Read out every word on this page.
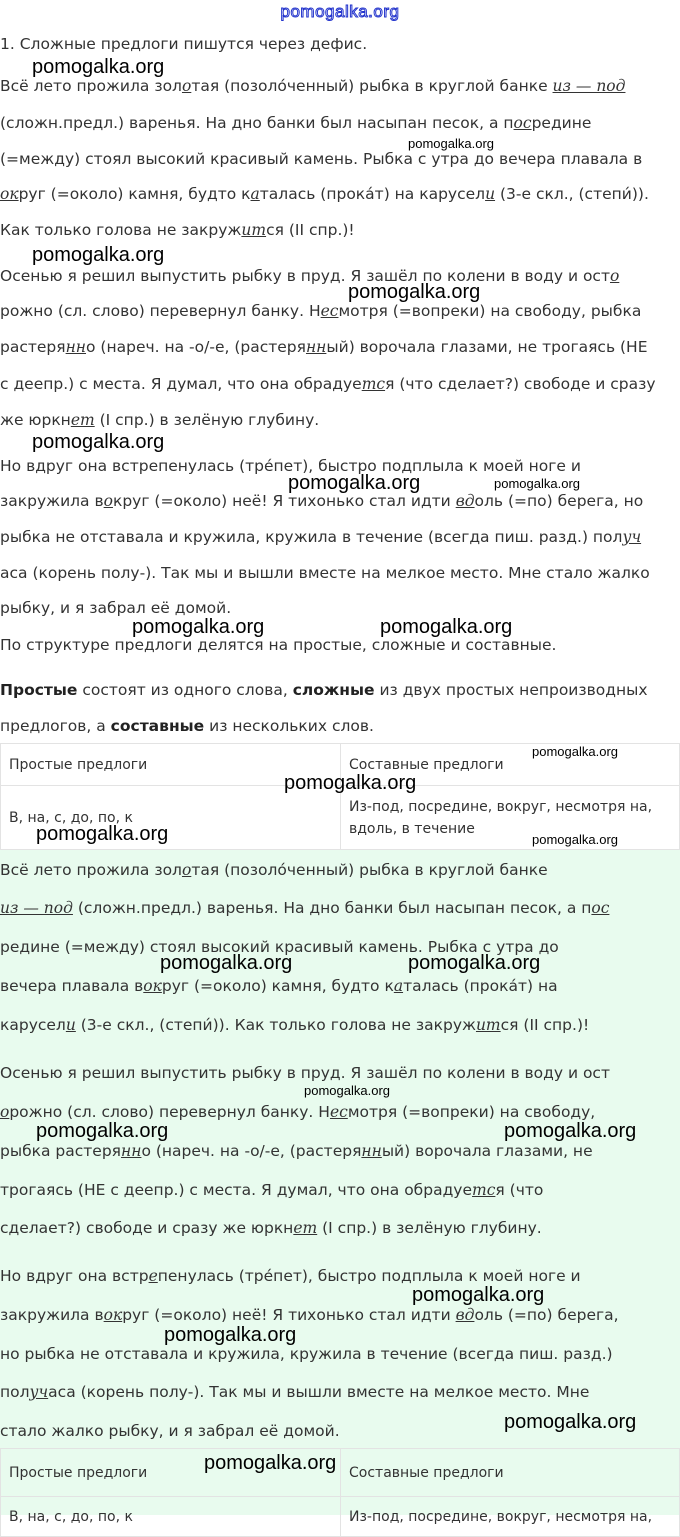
pomogalka.org
1. Сложные предлоги пишутся через дефис.
Всё лето прожила золотая (позоло́ченный) рыбка в круглой банке из — под
(сложн.предл.) варенья. На дно банки был насыпан песок, а посредине
(=между) стоял высокий красивый камень. Рыбка с утра до вечера плавала в
округ (=около) камня, будто каталась (прока́т) на карусели (3-е скл., (степи́)).
Как только голова не закружится (II спр.)!
Осенью я решил выпустить рыбку в пруд. Я зашёл по колени в воду и осто
рожно (сл. слово) перевернул банку. Несмотря (=вопреки) на свободу, рыбка
растерянно (нареч. на -о/-е, (растерянный) ворочала глазами, не трогаясь (НЕ
с деепр.) с места. Я думал, что она обрадуется (что сделает?) свободе и сразу
же юркнет (I спр.) в зелёную глубину.
Но вдруг она встрепенулась (тре́пет), быстро подплыла к моей ноге и
закружила вокруг (=около) неё! Я тихонько стал идти вдоль (=по) берега, но
рыбка не отставала и кружила, кружила в течение (всегда пиш. разд.) получ
аса (корень полу-). Так мы и вышли вместе на мелкое место. Мне стало жалко
рыбку, и я забрал её домой.
По структуре предлоги делятся на простые, сложные и составные.
Простые состоят из одного слова, сложные из двух простых непроизводных
предлогов, а составные из нескольких слов.
Простые предлоги	Составные предлоги
В, на, с, до, по, к	Из-под, посредине, вокруг, несмотря на,
вдоль, в течение
Всё лето прожила золотая (позоло́ченный) рыбка в круглой банке
из — под (сложн.предл.) варенья. На дно банки был насыпан песок, а пос
редине (=между) стоял высокий красивый камень. Рыбка с утра до
вечера плавала вокруг (=около) камня, будто каталась (прока́т) на
карусели (3-е скл., (степи́)). Как только голова не закружится (II спр.)!
Осенью я решил выпустить рыбку в пруд. Я зашёл по колени в воду и ост
орожно (сл. слово) перевернул банку. Несмотря (=вопреки) на свободу,
рыбка растерянно (нареч. на -о/-е, (растерянный) ворочала глазами, не
трогаясь (НЕ с деепр.) с места. Я думал, что она обрадуется (что
сделает?) свободе и сразу же юркнет (I спр.) в зелёную глубину.
Но вдруг она встрепенулась (тре́пет), быстро подплыла к моей ноге и
закружила вокруг (=около) неё! Я тихонько стал идти вдоль (=по) берега,
но рыбка не отставала и кружила, кружила в течение (всегда пиш. разд.)
получаса (корень полу-). Так мы и вышли вместе на мелкое место. Мне
стало жалко рыбку, и я забрал её домой.
Простые предлоги	Составные предлоги
В, на, с, до, по, к	Из-под, посредине, вокруг, несмотря на,
pomogalka.org
pomogalka.org
pomogalka.org
pomogalka.org
pomogalka.org
pomogalka.org	pomogalka.org
pomogalka.org	pomogalka.org
pomogalka.org
pomogalka.org
pomogalka.org	pomogalka.org
pomogalka.org	pomogalka.org
pomogalka.org
pomogalka.org	pomogalka.org
pomogalka.org
pomogalka.org
pomogalka.org
pomogalka.org
